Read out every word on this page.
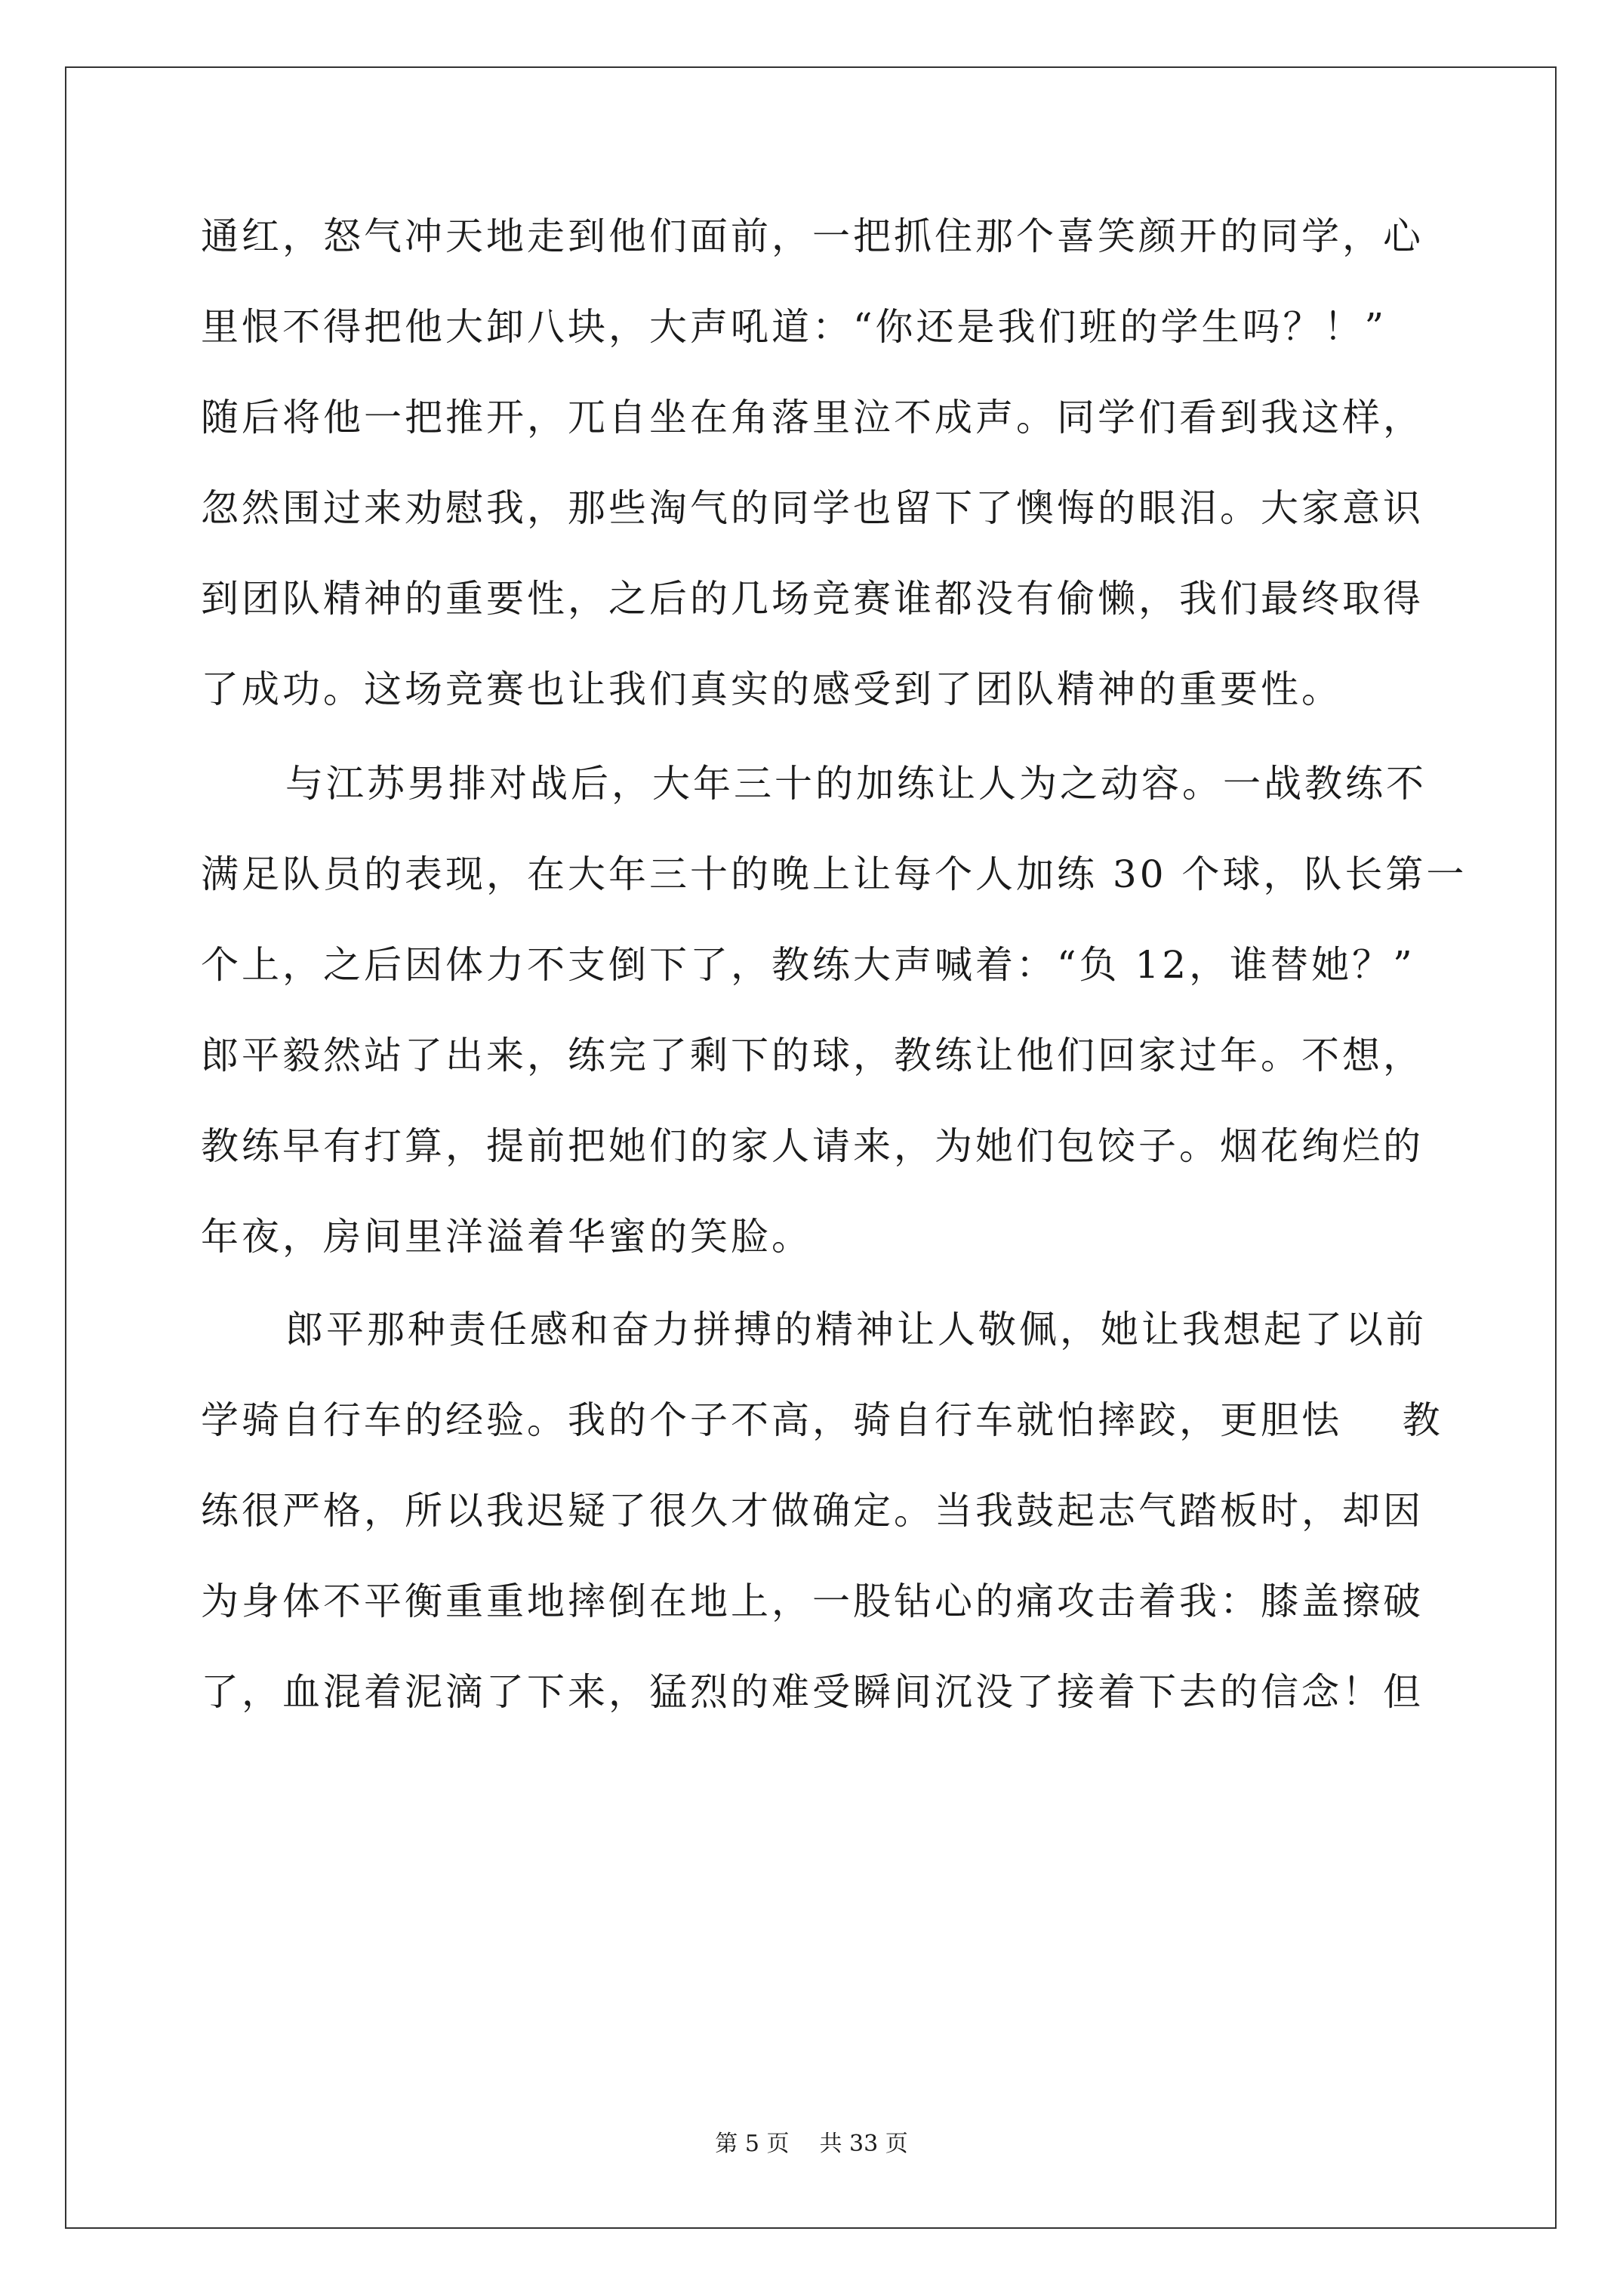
通红，怒气冲天地走到他们面前，一把抓住那个喜笑颜开的同学，心
里恨不得把他大卸八块，大声吼道：“你还是我们班的学生吗？！”
随后将他一把推开，兀自坐在角落里泣不成声。同学们看到我这样，
忽然围过来劝慰我，那些淘气的同学也留下了懊悔的眼泪。大家意识
到团队精神的重要性，之后的几场竞赛谁都没有偷懒，我们最终取得
了成功。这场竞赛也让我们真实的感受到了团队精神的重要性。
与江苏男排对战后，大年三十的加练让人为之动容。一战教练不
满足队员的表现，在大年三十的晚上让每个人加练 30 个球，队长第一
个上，之后因体力不支倒下了，教练大声喊着：“负 12，谁替她？”
郎平毅然站了出来，练完了剩下的球，教练让他们回家过年。不想，
教练早有打算，提前把她们的家人请来，为她们包饺子。烟花绚烂的
年夜，房间里洋溢着华蜜的笑脸。
郎平那种责任感和奋力拼搏的精神让人敬佩，她让我想起了以前
学骑自行车的经验。我的个子不高，骑自行车就怕摔跤，更胆怯    教
练很严格，所以我迟疑了很久才做确定。当我鼓起志气踏板时，却因
为身体不平衡重重地摔倒在地上，一股钻心的痛攻击着我：膝盖擦破
了，血混着泥滴了下来，猛烈的难受瞬间沉没了接着下去的信念！但
第 5 页 共 33 页
